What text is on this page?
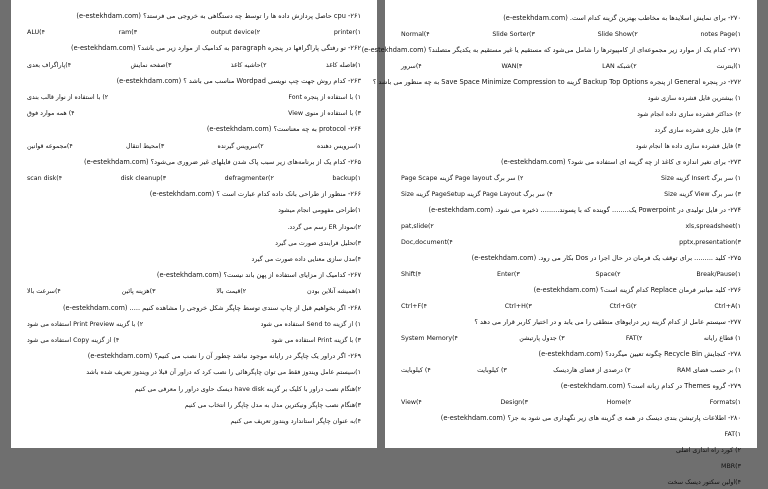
۲۶۱- cpu حاصل پردازش داده ها را توسط چه دستگاهی به خروجی می فرستد؟ (e-estekhdam.com)
printer(۱
output device(۲
ram(۳
ALU(۴
۲۶۲- تو رفتگی پاراگرافها در پنجره paragraph به کدامیک از موارد زیر می باشد؟ (e-estekhdam.com)
۱)فاصله کاغذ
۲)حاشیه کاغذ
۳)صفحه نمایش
۴)پاراگراف بعدی
۲۶۳- کدام روش جهت چپ نویسی Wordpad مناسب می باشد ؟ (e-estekhdam.com)
۱) با استفاده از پنجره Font
۲) با استفاده از نوار قالب بندی
۳) با استفاده از منوی View
۴) همه موارد فوق
۲۶۴- protocol به چه معناست؟ (e-estekhdam.com)
۱)سرویس دهنده
۲)سرویس گیرنده
۳)محیط انتقال
۴)مجموعه قوانین
۲۶۵- کدام یک از برنامه‌های زیر سبب پاک شدن فایلهای غیر ضروری می‌شود؟ (e-estekhdam.com)
backup(۱
defragmenter(۲
disk cleanup(۳
scan disk(۴
۲۶۶- منظور از طراحی بانک داده کدام عبارت است ؟ (e-estekhdam.com)
۱)طراحی مفهومی انجام میشود
۲)نمودار ER رسم می گردد.
۳)تحلیل فرایندی صورت می گیرد
۴)مدل سازی معنایی داده صورت می گیرد
۲۶۷- کدامیک از مزایای استفاده از پهن باند نیست؟ (e-estekhdam.com)
۱)همیشه آنلاین بودن
۲)قیمت بالا
۳)هزینه پائین
۴)سرعت بالا
۲۶۸- اگر بخواهیم قبل از چاپ سندی توسط چاپگر شکل خروجی را مشاهده کنیم ..... (e-estekhdam.com)
۱) از گزینه Send to استفاده می شود
۲) با گزینه Print Preview استفاده می شود
۳) با گزینه Print استفاده می شود
۴) از گزینه Copy استفاده می شود
۲۶۹- اگر دراور یک چاپگر در رایانه موجود نباشد چطور آن را نصب می کنیم؟ (e-estekhdam.com)
۱)سیستم عامل ویندوز فقط می توان چاپگرهائی را نصب کرد که دراور آن قبلا در ویندوز تعریف شده باشد
۲)هنگام نصب دراور با کلیک بر گزینه have disk دیسک حاوی دراور را معرفی می کنیم
۳)هنگام نصب چاپگر ونیکترین مدل به مدل چاپگر را انتخاب می کنیم
۴)به عنوان چاپگر استاندارد ویندوز تعریف می کنیم
۲۷۰- برای نمایش اسلایدها به مخاطب بهترین گزینه کدام است. (e-estekhdam.com)
notes Page(۱
Slide Show(۲
Slide Sorter(۳
Normal(۴
۲۷۱- کدام یک از موارد زیر مجموعه‌ای از کامپیوترها را شامل می‌شود که مستقیم یا غیر مستقیم به یکدیگر متصلند؟ (e-estekhdam.com)
۱)اینترنت
۲)شبکه LAN
WAN(۳
۴)سرور
۲۷۲- در پنجره General از پنجره Backup Top Options گزینه Save Space Minimize Compression to به چه منظور می باشد ؟
۱) بیشترین فایل فشرده سازی شود
۲) حداکثر فشرده سازی داده انجام شود
۳) فایل جاری فشرده سازی گردد
۴) فایل فشرده سازی داده ها انجام شود
۲۷۳- برای تغیر اندازه ی کاغذ از چه گزینه ای استفاده می شود؟ (e-estekhdam.com)
۱) سر برگ Insert گزینه Size
۲) سر برگ Page layout گزینه Page Scape
۳) سر برگ View گزینه Size
۴) سر برگ Page Layout گزینه PageSetup گزینه Size
۲۷۴- در فایل تولیدی در Powerpoint یک........ گوینده که با پسوند......... ذخیره می شود. (e-estekhdam.com)
xls,spreadsheet(۱
pat,slide(۲
pptx,presentation(۳
Doc,document(۴
۲۷۵- کلید ......... برای توقف یک فرمان در حال اجرا در Dos بکار می رود. (e-estekhdam.com)
Break/Pause(۱
Space(۲
Enter(۳
Shift(۴
۲۷۶- کلید میانبر فرمان Replace کدام گزینه است؟ (e-estekhdam.com)
Ctrl+A(۱
Ctrl+G(۲
Ctrl+H(۳
Ctrl+F(۴
۲۷۷- سیستم عامل از کدام گزینه زیر درایوهای منطقی را می یابد و در اختیار کاربر قرار می دهد ؟
۱) قطاع رایانه
FAT(۲
۳) جدول پارتیشن
System Memory(۴
۲۷۸- کنجایش Recycle Bin چگونه تعیین میگردد؟ (e-estekhdam.com)
۱) بر حسب فضای RAM
۲) درصدی از فضای هاردیسک
۳) کیلوبایت
۴) کیلوبایت
۲۷۹- گروه Themes در کدام زبانه است؟ (e-estekhdam.com)
Formats(۱
Home(۲
Design(۳
View(۴
۲۸۰- اطلاعات پارتیشن بندی دیسک در همه ی گزینه های زیر نگهداری می شود به جز؟ (e-estekhdam.com)
FAT(۱
۲) کورد راه اندازی اصلی
MBR(۳
۴)اولین سکتور دیسک سخت
